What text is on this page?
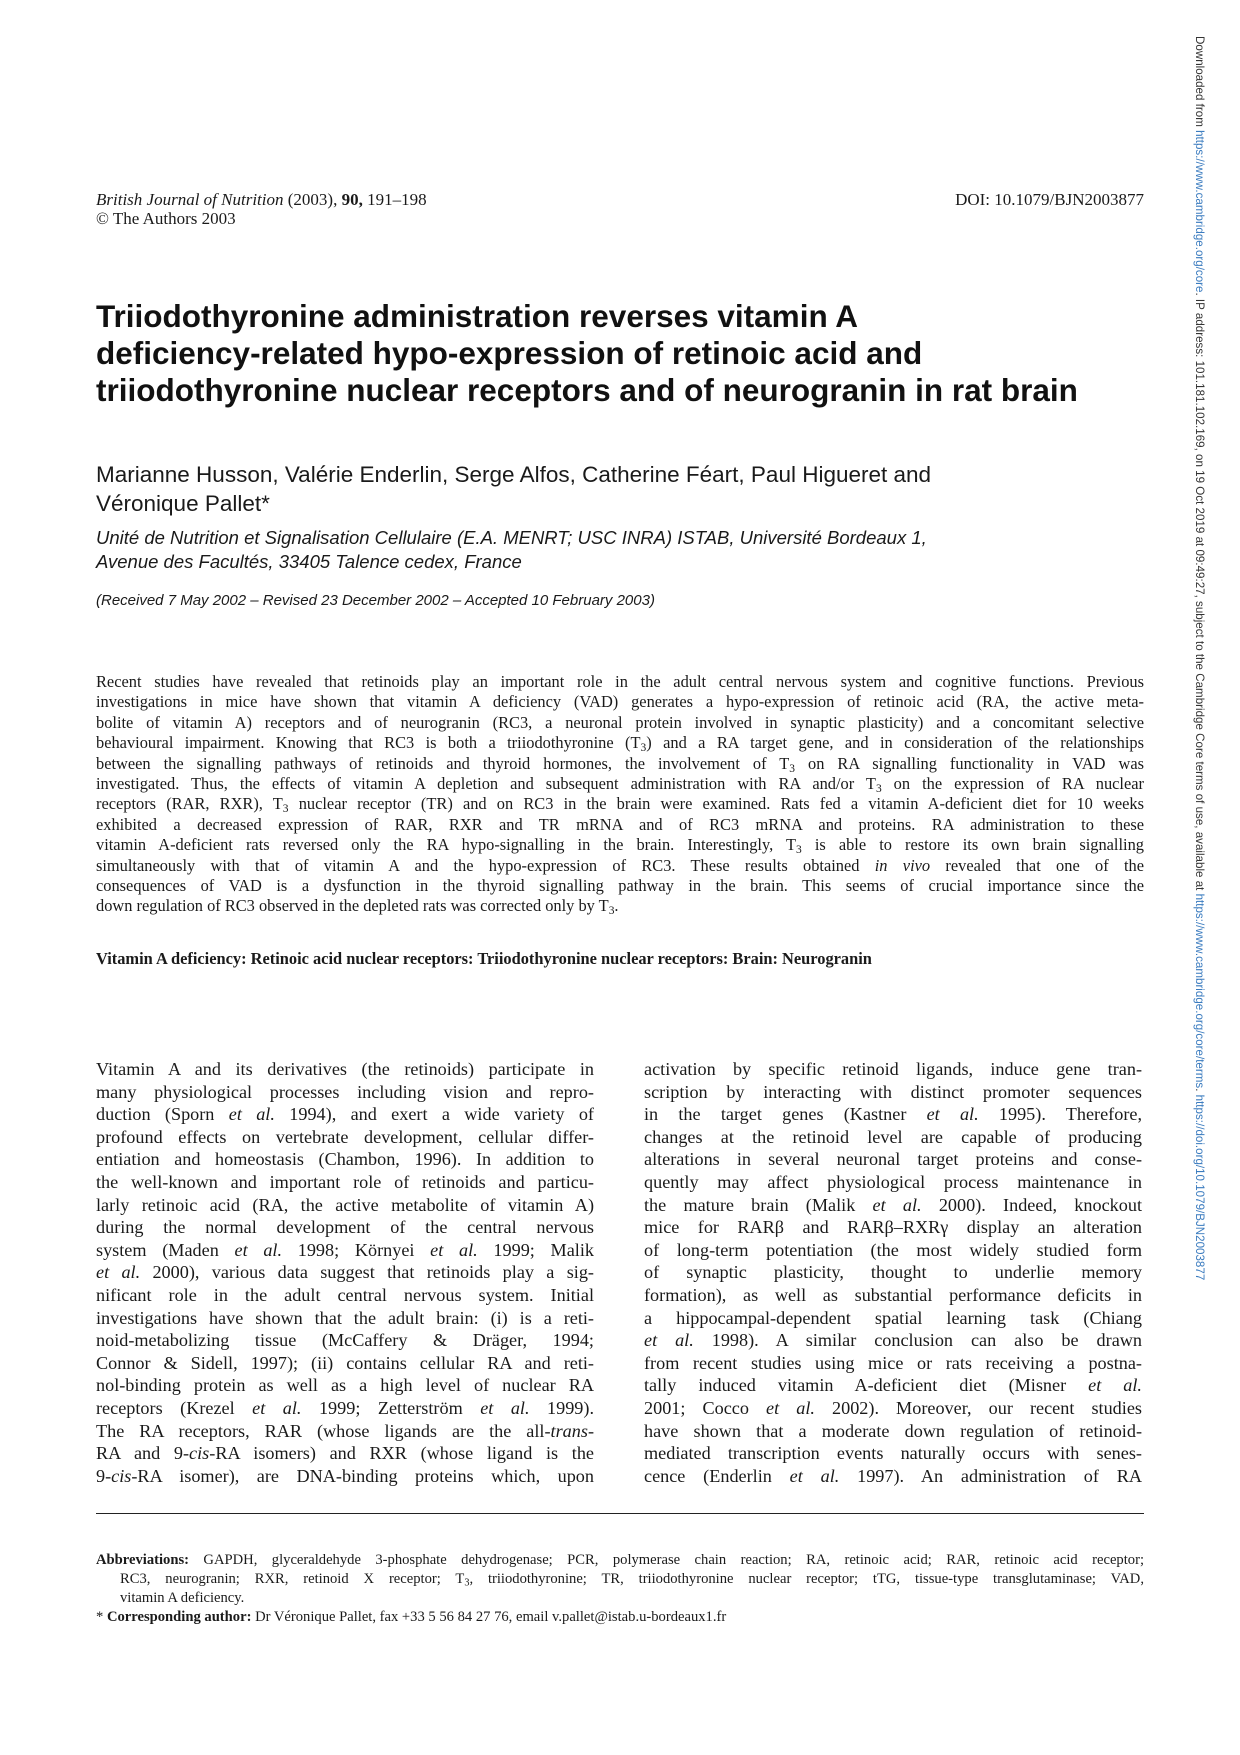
British Journal of Nutrition (2003), 90, 191–198
© The Authors 2003
DOI: 10.1079/BJN2003877
Triiodothyronine administration reverses vitamin A
deficiency-related hypo-expression of retinoic acid and
triiodothyronine nuclear receptors and of neurogranin in rat brain
Marianne Husson, Valérie Enderlin, Serge Alfos, Catherine Féart, Paul Higueret and
Véronique Pallet*
Unité de Nutrition et Signalisation Cellulaire (E.A. MENRT; USC INRA) ISTAB, Université Bordeaux 1,
Avenue des Facultés, 33405 Talence cedex, France
(Received 7 May 2002 – Revised 23 December 2002 – Accepted 10 February 2003)
Recent studies have revealed that retinoids play an important role in the adult central nervous system and cognitive functions. Previous
investigations in mice have shown that vitamin A deficiency (VAD) generates a hypo-expression of retinoic acid (RA, the active meta-
bolite of vitamin A) receptors and of neurogranin (RC3, a neuronal protein involved in synaptic plasticity) and a concomitant selective
behavioural impairment. Knowing that RC3 is both a triiodothyronine $(T_3)$ and a RA target gene, and in consideration of the relationships
between the signalling pathways of retinoids and thyroid hormones, the involvement of $T_3$ on RA signalling functionality in VAD was
investigated. Thus, the effects of vitamin A depletion and subsequent administration with RA and/or $T_3$ on the expression of RA nuclear
receptors (RAR, RXR), $T_3$ nuclear receptor (TR) and on RC3 in the brain were examined. Rats fed a vitamin A-deficient diet for 10 weeks
exhibited a decreased expression of RAR, RXR and TR mRNA and of RC3 mRNA and proteins. RA administration to these
vitamin A-deficient rats reversed only the RA hypo-signalling in the brain. Interestingly, $T_3$ is able to restore its own brain signalling
simultaneously with that of vitamin A and the hypo-expression of RC3. These results obtained in vivo revealed that one of the
consequences of VAD is a dysfunction in the thyroid signalling pathway in the brain. This seems of crucial importance since the
down regulation of RC3 observed in the depleted rats was corrected only by $T_3$.
Vitamin A deficiency: Retinoic acid nuclear receptors: Triiodothyronine nuclear receptors: Brain: Neurogranin
Vitamin A and its derivatives (the retinoids) participate in
many physiological processes including vision and repro-
duction (Sporn et al. 1994), and exert a wide variety of
profound effects on vertebrate development, cellular differ-
entiation and homeostasis (Chambon, 1996). In addition to
the well-known and important role of retinoids and particu-
larly retinoic acid (RA, the active metabolite of vitamin A)
during the normal development of the central nervous
system (Maden et al. 1998; Környei et al. 1999; Malik
et al. 2000), various data suggest that retinoids play a sig-
nificant role in the adult central nervous system. Initial
investigations have shown that the adult brain: (i) is a reti-
noid-metabolizing tissue (McCaffery & Dräger, 1994;
Connor & Sidell, 1997); (ii) contains cellular RA and reti-
nol-binding protein as well as a high level of nuclear RA
receptors (Krezel et al. 1999; Zetterström et al. 1999).
The RA receptors, RAR (whose ligands are the all-trans-
RA and 9-cis-RA isomers) and RXR (whose ligand is the
9-cis-RA isomer), are DNA-binding proteins which, upon
activation by specific retinoid ligands, induce gene tran-
scription by interacting with distinct promoter sequences
in the target genes (Kastner et al. 1995). Therefore,
changes at the retinoid level are capable of producing
alterations in several neuronal target proteins and conse-
quently may affect physiological process maintenance in
the mature brain (Malik et al. 2000). Indeed, knockout
mice for RARβ and RARβ–RXRγ display an alteration
of long-term potentiation (the most widely studied form
of synaptic plasticity, thought to underlie memory
formation), as well as substantial performance deficits in
a hippocampal-dependent spatial learning task (Chiang
et al. 1998). A similar conclusion can also be drawn
from recent studies using mice or rats receiving a postna-
tally induced vitamin A-deficient diet (Misner et al.
2001; Cocco et al. 2002). Moreover, our recent studies
have shown that a moderate down regulation of retinoid-
mediated transcription events naturally occurs with senes-
cence (Enderlin et al. 1997). An administration of RA
Abbreviations: GAPDH, glyceraldehyde 3-phosphate dehydrogenase; PCR, polymerase chain reaction; RA, retinoic acid; RAR, retinoic acid receptor;
RC3, neurogranin; RXR, retinoid X receptor; $T_3$, triiodothyronine; TR, triiodothyronine nuclear receptor; tTG, tissue-type transglutaminase; VAD,
vitamin A deficiency.
* Corresponding author: Dr Véronique Pallet, fax +33 5 56 84 27 76, email v.pallet@istab.u-bordeaux1.fr
Downloaded from https://www.cambridge.org/core. IP address: 101.181.102.169, on 19 Oct 2019 at 09:49:27, subject to the Cambridge Core terms of use, available at https://www.cambridge.org/core/terms. https://doi.org/10.1079/BJN2003877
